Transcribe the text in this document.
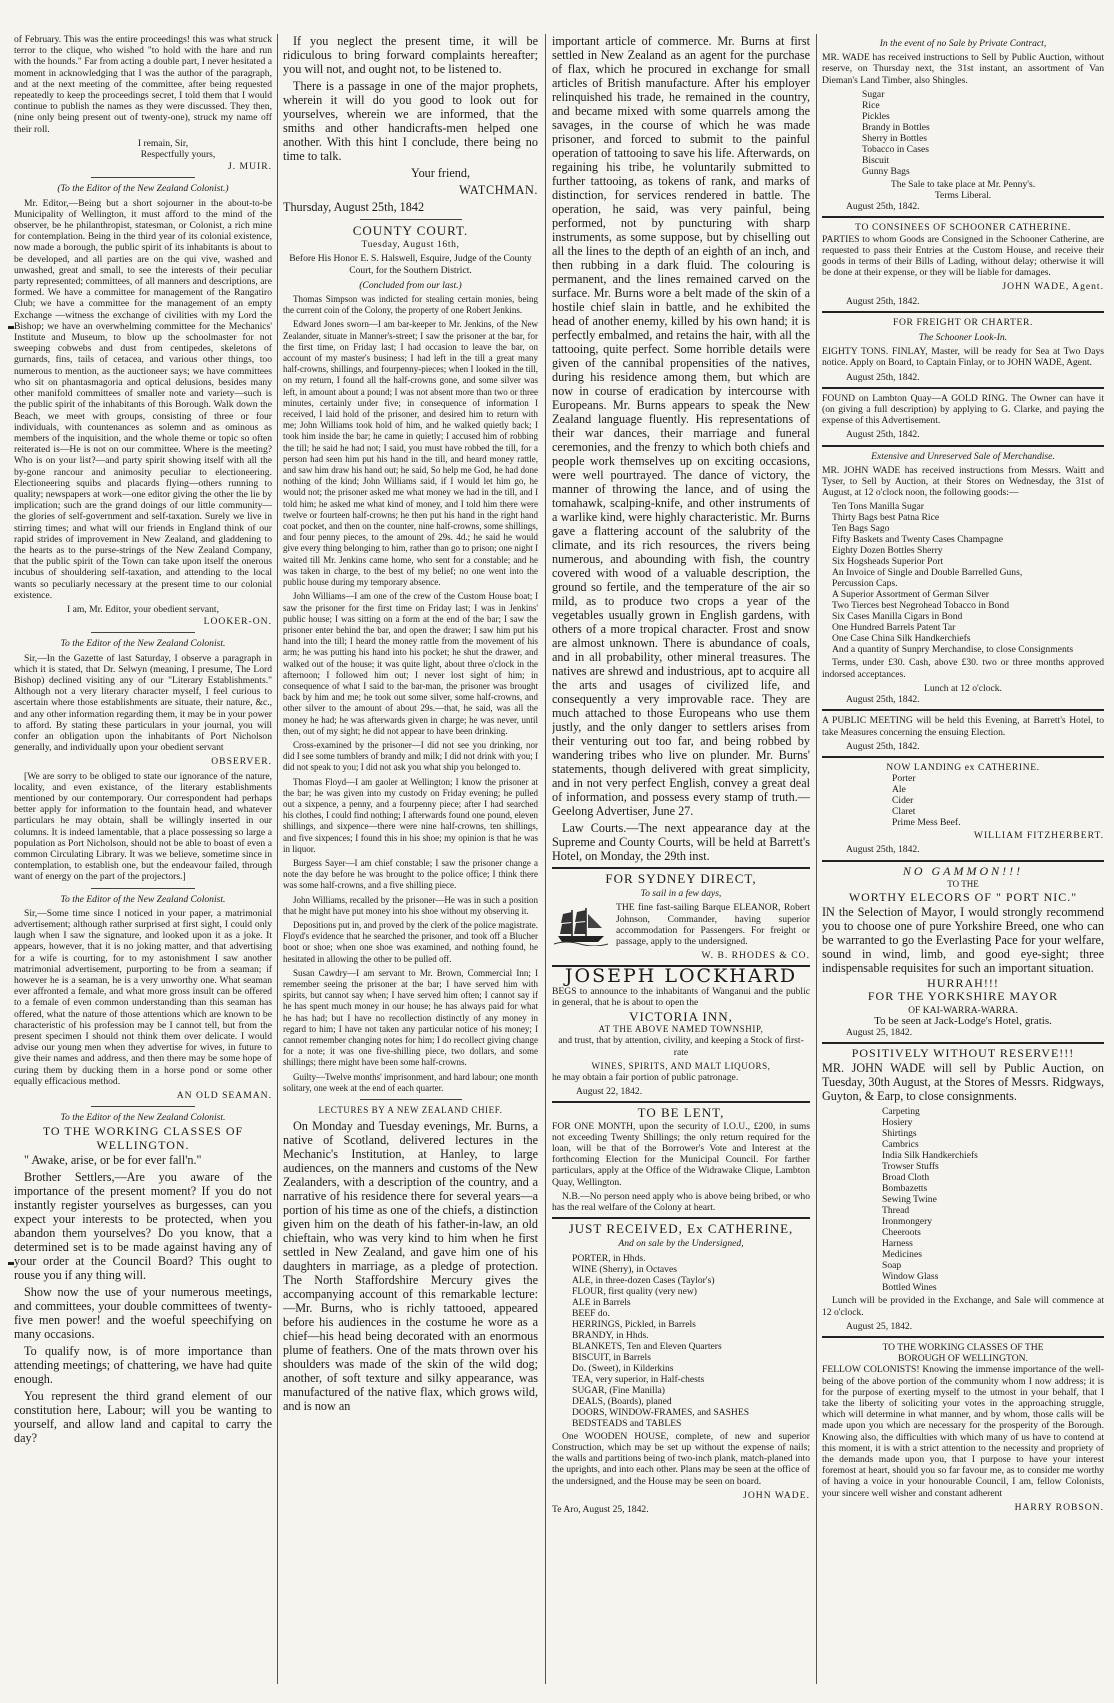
of February. This was the entire proceedings! this was what struck terror to the clique, who wished "to hold with the hare and run with the hounds." Far from acting a double part, I never hesitated a moment in acknowledging that I was the author of the paragraph, and at the next meeting of the committee, after being requested repeatedly to keep the proceedings secret, I told them that I would continue to publish the names as they were discussed. They then, (nine only being present out of twenty-one), struck my name off their roll.

I remain, Sir,
Respectfully yours,
J. MUIR.
(To the Editor of the New Zealand Colonist.)

Mr. Editor,—Being but a short sojourner in the about-to-be Municipality of Wellington, it must afford to the mind of the observer, be he philanthropist, statesman, or Colonist, a rich mine for contemplation. Being in the third year of its colonial existence, now made a borough, the public spirit of its inhabitants is about to be developed, and all parties are on the qui vive, washed and unwashed, great and small, to see the interests of their peculiar party represented; committees, of all manners and descriptions, are formed. We have a committee for management of the Rangatiro Club; we have a committee for the management of an empty Exchange —witness the exchange of civilities with my Lord the Bishop; we have an overwhelming committee for the Mechanics' Institute and Museum, to blow up the schoolmaster for not sweeping cobwebs and dust from centipedes, skeletons of gurnards, fins, tails of cetacea, and various other things, too numerous to mention, as the auctioneer says; we have committees who sit on phantasmagoria and optical delusions, besides many other manifold committees of smaller note and variety—such is the public spirit of the inhabitants of this Borough. Walk down the Beach, we meet with groups, consisting of three or four individuals, with countenances as solemn and as ominous as members of the inquisition, and the whole theme or topic so often reiterated is—He is not on our committee. Where is the meeting? Who is on your list?—and party spirit showing itself with all the by-gone rancour and animosity peculiar to electioneering. Electioneering squibs and placards flying—others running to quality; newspapers at work—one editor giving the other the lie by implication; such are the grand doings of our little community—the glories of self-government and self-taxation. Surely we live in stirring times; and what will our friends in England think of our rapid strides of improvement in New Zealand, and gladdening to the hearts as to the purse-strings of the New Zealand Company, that the public spirit of the Town can take upon itself the onerous incubus of shouldering self-taxation, and attending to the local wants so peculiarly necessary at the present time to our colonial existence.

I am, Mr. Editor, your obedient servant,
LOOKER-ON.
To the Editor of the New Zealand Colonist.

Sir,—In the Gazette of last Saturday, I observe a paragraph in which it is stated, that Dr. Selwyn (meaning, I presume, The Lord Bishop) declined visiting any of our "Literary Establishments." Although not a very literary character myself, I feel curious to ascertain where those establishments are situate, their nature, &c., and any other information regarding them, it may be in your power to afford. By stating these particulars in your journal, you will confer an obligation upon the inhabitants of Port Nicholson generally, and individually upon your obedient servant

OBSERVER.

[We are sorry to be obliged to state our ignorance of the nature, locality, and even existance, of the literary establishments mentioned by our contemporary. Our correspondent had perhaps better apply for information to the fountain head, and whatever particulars he may obtain, shall be willingly inserted in our columns. It is indeed lamentable, that a place possessing so large a population as Port Nicholson, should not be able to boast of even a common Circulating Library. It was we believe, sometime since in contemplation, to establish one, but the endeavour failed, through want of energy on the part of the projectors.]

To the Editor of the New Zealand Colonist.

Sir,—Some time since I noticed in your paper, a matrimonial advertisement; although rather surprised at first sight, I could only laugh when I saw the signature, and looked upon it as a joke. It appears, however, that it is no joking matter, and that advertising for a wife is courting, for to my astonishment I saw another matrimonial advertisement, purporting to be from a seaman; if however he is a seaman, he is a very unworthy one. What seaman ever affronted a female, and what more gross insult can be offered to a female of even common understanding than this seaman has offered, what the nature of those attentions which are known to be characteristic of his profession may be I cannot tell, but from the present specimen I should not think them over delicate. I would advise our young men when they advertise for wives, in future to give their names and address, and then there may be some hope of curing them by ducking them in a horse pond or some other equally efficacious method.

AN OLD SEAMAN.
To the Editor of the New Zealand Colonist.
TO THE WORKING CLASSES OF
WELLINGTON.

" Awake, arise, or be for ever fall'n."

Brother Settlers,—Are you aware of the importance of the present moment? If you do not instantly register yourselves as burgesses, can you expect your interests to be protected, when you abandon them yourselves? Do you know, that a determined set is to be made against having any of your order at the Council Board? This ought to rouse you if any thing will.

Show now the use of your numerous meetings, and committees, your double committees of twenty-five men power! and the woeful speechifying on many occasions.

To qualify now, is of more importance than attending meetings; of chattering, we have had quite enough.

You represent the third grand element of our constitution here, Labour; will you be wanting to yourself, and allow land and capital to carry the day?

If you neglect the present time, it will be ridiculous to bring forward complaints hereafter; you will not, and ought not, to be listened to.

There is a passage in one of the major prophets, wherein it will do you good to look out for yourselves, wherein we are informed, that the smiths and other handicrafts-men helped one another. With this hint I conclude, there being no time to talk.

Your friend,

WATCHMAN.

Thursday, August 25th, 1842

COUNTY COURT.
Tuesday, August 16th,
Before His Honor E. S. Halswell, Esquire, Judge of the County Court, for the Southern District.
(Concluded from our last.)

Thomas Simpson was indicted for stealing certain monies, being the current coin of the Colony, the property of one Robert Jenkins.

Edward Jones sworn—I am bar-keeper to Mr. Jenkins, of the New Zealander, situate in Manner's-street; I saw the prisoner at the bar, for the first time, on Friday last; I had occasion to leave the bar, on account of my master's business; I had left in the till a great many half-crowns, shillings, and fourpenny-pieces; when I looked in the till, on my return, I found all the half-crowns gone, and some silver was left, in amount about a pound; I was not absent more than two or three minutes, certainly under five; in consequence of information I received, I laid hold of the prisoner, and desired him to return with me; John Williams took hold of him, and he walked quietly back; I took him inside the bar; he came in quietly; I accused him of robbing the till; he said he had not; I said, you must have robbed the till, for a person had seen him put his hand in the till, and heard money rattle, and saw him draw his hand out; he said, So help me God, he had done nothing of the kind; John Williams said, if I would let him go, he would not; the prisoner asked me what money we had in the till, and I told him; he asked me what kind of money, and I told him there were twelve or fourteen half-crowns; he then put his hand in the right hand coat pocket, and then on the counter, nine half-crowns, some shillings, and four penny pieces, to the amount of 29s. 4d.; he said he would give every thing belonging to him, rather than go to prison; one night I waited till Mr. Jenkins came home, who sent for a constable; and he was taken in charge, to the best of my belief; no one went into the public house during my temporary absence.

John Williams—I am one of the crew of the Custom House boat; I saw the prisoner for the first time on Friday last; I was in Jenkins' public house; I was sitting on a form at the end of the bar; I saw the prisoner enter behind the bar, and open the drawer; I saw him put his hand into the till; I heard the money rattle from the movement of his arm; he was putting his hand into his pocket; he shut the drawer, and walked out of the house; it was quite light, about three o'clock in the afternoon; I followed him out; I never lost sight of him; in consequence of what I said to the bar-man, the prisoner was brought back by him and me; he took out some silver, some half-crowns, and other silver to the amount of about 29s.—that, he said, was all the money he had; he was afterwards given in charge; he was never, until then, out of my sight; he did not appear to have been drinking.

Cross-examined by the prisoner—I did not see you drinking, nor did I see some tumblers of brandy and milk; I did not drink with you; I did not speak to you; I did not ask you what ship you belonged to.

Thomas Floyd—I am gaoler at Wellington; I know the prisoner at the bar; he was given into my custody on Friday evening; he pulled out a sixpence, a penny, and a fourpenny piece; after I had searched his clothes, I could find nothing; I afterwards found one pound, eleven shillings, and sixpence—there were nine half-crowns, ten shillings, and five sixpences; I found this in his shoe; my opinion is that he was in liquor.

Burgess Sayer—I am chief constable; I saw the prisoner change a note the day before he was brought to the police office; I think there was some half-crowns, and a five shilling piece.

John Williams, recalled by the prisoner—He was in such a position that he might have put money into his shoe without my observing it.

Depositions put in, and proved by the clerk of the police magistrate. Floyd's evidence that he searched the prisoner, and took off a Blucher boot or shoe; when one shoe was examined, and nothing found, he hesitated in allowing the other to be pulled off.

Susan Cawdry—I am servant to Mr. Brown, Commercial Inn; I remember seeing the prisoner at the bar; I have served him with spirits, but cannot say when; I have served him often; I cannot say if he has spent much money in our house; he has always paid for what he has had; but I have no recollection distinctly of any money in regard to him; I have not taken any particular notice of his money; I cannot remember changing notes for him; I do recollect giving change for a note; it was one five-shilling piece, two dollars, and some shillings; there might have been some half-crowns.

Guilty—Twelve months' imprisonment, and hard labour; one month solitary, one week at the end of each quarter.

LECTURES BY A NEW ZEALAND CHIEF.

On Monday and Tuesday evenings, Mr. Burns, a native of Scotland, delivered lectures in the Mechanic's Institution, at Hanley, to large audiences, on the manners and customs of the New Zealanders, with a description of the country, and a narrative of his residence there for several years—a portion of his time as one of the chiefs, a distinction given him on the death of his father-in-law, an old chieftain, who was very kind to him when he first settled in New Zealand, and gave him one of his daughters in marriage, as a pledge of protection. The North Staffordshire Mercury gives the accompanying account of this remarkable lecture:—Mr. Burns, who is richly tattooed, appeared before his audiences in the costume he wore as a chief—his head being decorated with an enormous plume of feathers. One of the mats thrown over his shoulders was made of the skin of the wild dog; another, of soft texture and silky appearance, was manufactured of the native flax, which grows wild, and is now an

important article of commerce. Mr. Burns at first settled in New Zealand as an agent for the purchase of flax, which he procured in exchange for small articles of British manufacture. After his employer relinquished his trade, he remained in the country, and became mixed with some quarrels among the savages, in the course of which he was made prisoner, and forced to submit to the painful operation of tattooing to save his life. Afterwards, on regaining his tribe, he voluntarily submitted to further tattooing, as tokens of rank, and marks of distinction, for services rendered in battle. The operation, he said, was very painful, being performed, not by puncturing with sharp instruments, as some suppose, but by chiselling out all the lines to the depth of an eighth of an inch, and then rubbing in a dark fluid. The colouring is permanent, and the lines remained carved on the surface. Mr. Burns wore a belt made of the skin of a hostile chief slain in battle, and he exhibited the head of another enemy, killed by his own hand; it is perfectly embalmed, and retains the hair, with all the tattooing, quite perfect. Some horrible details were given of the cannibal propensities of the natives, during his residence among them, but which are now in course of eradication by intercourse with Europeans. Mr. Burns appears to speak the New Zealand language fluently. His representations of their war dances, their marriage and funeral ceremonies, and the frenzy to which both chiefs and people work themselves up on exciting occasions, were well pourtrayed. The dance of victory, the manner of throwing the lance, and of using the tomahawk, scalping-knife, and other instruments of a warlike kind, were highly characteristic. Mr. Burns gave a flattering account of the salubrity of the climate, and its rich resources, the rivers being numerous, and abounding with fish, the country covered with wood of a valuable description, the ground so fertile, and the temperature of the air so mild, as to produce two crops a year of the vegetables usually grown in English gardens, with others of a more tropical character. Frost and snow are almost unknown. There is abundance of coals, and in all probability, other mineral treasures. The natives are shrewd and industrious, apt to acquire all the arts and usages of civilized life, and consequently a very improvable race. They are much attached to those Europeans who use them justly, and the only danger to settlers arises from their venturing out too far, and being robbed by wandering tribes who live on plunder. Mr. Burns' statements, though delivered with great simplicity, and in not very perfect English, convey a great deal of information, and possess every stamp of truth.—Geelong Advertiser, June 27.

Law Courts.—The next appearance day at the Supreme and County Courts, will be held at Barrett's Hotel, on Monday, the 29th inst.

FOR SYDNEY DIRECT,
To sail in a few days,

THE fine fast-sailing Barque ELEANOR, Robert Johnson, Commander, having superior accommodation for Passengers. For freight or passage, apply to the undersigned.

W. B. RHODES & CO.
JOSEPH LOCKHARD

BEGS to announce to the inhabitants of Wanganui and the public in general, that he is about to open the

VICTORIA INN,
AT THE ABOVE NAMED TOWNSHIP,

and trust, that by attention, civility, and keeping a Stock of first-rate

WINES, SPIRITS, AND MALT LIQUORS,

he may obtain a fair portion of public patronage.

August 22, 1842.
TO BE LENT,

FOR ONE MONTH, upon the security of I.O.U., £200, in sums not exceeding Twenty Shillings; the only return required for the loan, will be that of the Borrower's Vote and Interest at the forthcoming Election for the Municipal Council. For farther particulars, apply at the Office of the Widrawake Clique, Lambton Quay, Wellington.

N.B.—No person need apply who is above being bribed, or who has the real welfare of the Colony at heart.

JUST RECEIVED, Ex CATHERINE,
And on sale by the Undersigned,
PORTER, in Hhds.
WINE (Sherry), in Octaves
ALE, in three-dozen Cases (Taylor's)
FLOUR, first quality (very new)
ALE in Barrels
BEEF do.
HERRINGS, Pickled, in Barrels
BRANDY, in Hhds.
BLANKETS, Ten and Eleven Quarters
BISCUIT, in Barrels
Do. (Sweet), in Kilderkins
TEA, very superior, in Half-chests
SUGAR, (Fine Manilla)
DEALS, (Boards), planed
DOORS, WINDOW-FRAMES, and SASHES
BEDSTEADS and TABLES

One WOODEN HOUSE, complete, of new and superior Construction, which may be set up without the expense of nails; the walls and partitions being of two-inch plank, match-planed into the uprights, and into each other. Plans may be seen at the office of the undersigned, and the House may be seen on board.

JOHN WADE.
Te Aro, August 25, 1842.
In the event of no Sale by Private Contract,

MR. WADE has received instructions to Sell by Public Auction, without reserve, on Thursday next, the 31st instant, an assortment of Van Dieman's Land Timber, also Shingles.

Sugar
Rice
Pickles
Brandy in Bottles
Sherry in Bottles
Tobacco in Cases
Biscuit
Gunny Bags
The Sale to take place at Mr. Penny's.
Terms Liberal.
August 25th, 1842.
TO CONSINEES OF SCHOONER CATHERINE.

PARTIES to whom Goods are Consigned in the Schooner Catherine, are requested to pass their Entries at the Custom House, and receive their goods in terms of their Bills of Lading, without delay; otherwise it will be done at their expense, or they will be liable for damages.

JOHN WADE, Agent.
August 25th, 1842.
FOR FREIGHT OR CHARTER.
The Schooner Look-In.

EIGHTY TONS. FINLAY, Master, will be ready for Sea at Two Days notice. Apply on Board, to Captain Finlay, or to JOHN WADE, Agent.

August 25th, 1842.

FOUND on Lambton Quay—A GOLD RING. The Owner can have it (on giving a full description) by applying to G. Clarke, and paying the expense of this Advertisement.

August 25th, 1842.
Extensive and Unreserved Sale of Merchandise.

MR. JOHN WADE has received instructions from Messrs. Waitt and Tyser, to Sell by Auction, at their Stores on Wednesday, the 31st of August, at 12 o'clock noon, the following goods:—

Ten Tons Manilla Sugar
Thirty Bags best Patna Rice
Ten Bags Sago
Fifty Baskets and Twenty Cases Champagne
Eighty Dozen Bottles Sherry
Six Hogsheads Superior Port
An Invoice of Single and Double Barrelled Guns,
Percussion Caps.
A Superior Assortment of German Silver
Two Tierces best Negrohead Tobacco in Bond
Six Cases Manilla Cigars in Bond
One Hundred Barrels Patent Tar
One Case China Silk Handkerchiefs
And a quantity of Sunpry Merchandise, to close Consignments

Terms, under £30. Cash, above £30. two or three months approved indorsed acceptances.

Lunch at 12 o'clock.
August 25th, 1842.

A PUBLIC MEETING will be held this Evening, at Barrett's Hotel, to take Measures concerning the ensuing Election.

August 25th, 1842.
NOW LANDING ex CATHERINE.
Porter
Ale
Cider
Claret
Prime Mess Beef.
WILLIAM FITZHERBERT.
August 25th, 1842.
NO GAMMON!!!
TO THE
WORTHY ELECORS OF " PORT NIC."

IN the Selection of Mayor, I would strongly recommend you to choose one of pure Yorkshire Breed, one who can be warranted to go the Everlasting Pace for your welfare, sound in wind, limb, and good eye-sight; three indispensable requisites for such an important situation.

HURRAH!!!
FOR THE YORKSHIRE MAYOR
OF KAI-WARRA-WARRA.
To be seen at Jack-Lodge's Hotel, gratis.
August 25, 1842.
POSITIVELY WITHOUT RESERVE!!!

MR. JOHN WADE will sell by Public Auction, on Tuesday, 30th August, at the Stores of Messrs. Ridgways, Guyton, & Earp, to close consignments.

Carpeting
Hosiery
Shirtings
Cambrics
India Silk Handkerchiefs
Trowser Stuffs
Broad Cloth
Bombazetts
Sewing Twine
Thread
Ironmongery
Cheeroots
Harness
Medicines
Soap
Window Glass
Bottled Wines

Lunch will be provided in the Exchange, and Sale will commence at 12 o'clock.

August 25, 1842.
TO THE WORKING CLASSES OF THE
BOROUGH OF WELLINGTON.

FELLOW COLONISTS! Knowing the immense importance of the well-being of the above portion of the community whom I now address; it is for the purpose of exerting myself to the utmost in your behalf, that I take the liberty of soliciting your votes in the approaching struggle, which will determine in what manner, and by whom, those calls will be made upon you which are necessary for the prosperity of the Borough. Knowing also, the difficulties with which many of us have to contend at this moment, it is with a strict attention to the necessity and propriety of the demands made upon you, that I purpose to have your interest foremost at heart, should you so far favour me, as to consider me worthy of having a voice in your honourable Council, I am, fellow Colonists, your sincere well wisher and constant adherent

HARRY ROBSON.
